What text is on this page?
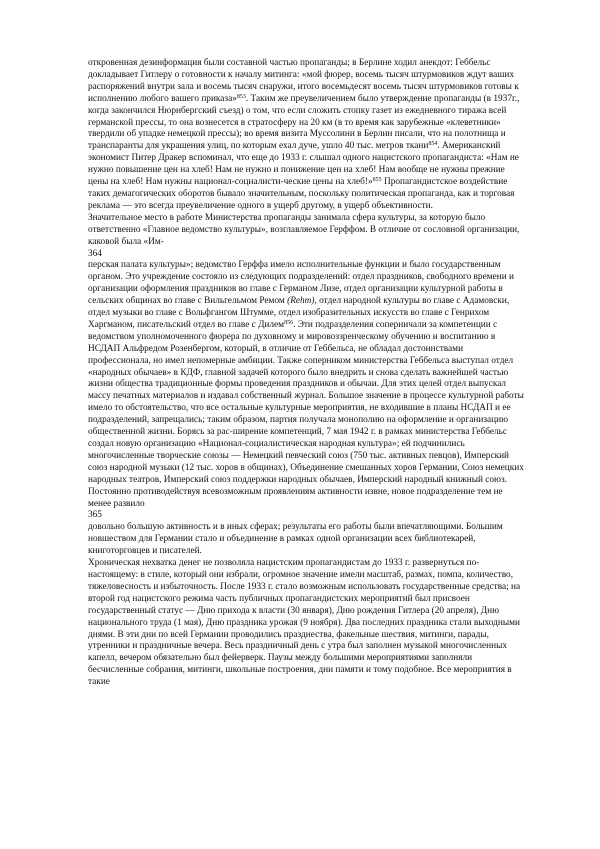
откровенная дезинформация были составной частью пропаганды; в Берлине ходил анекдот: Геббельс докладывает Гитлеру о готовности к началу митинга: «мой фюрер, восемь тысяч штурмовиков ждут ваших распоряжений внутри зала и восемь тысяч снаружи, итого восемьдесят восемь тысяч штурмовиков готовы к исполнению любого вашего приказа»$^{853}$. Таким же преувеличением было утверждение пропаганды (в 1937г., когда закончился Нюрнбергский съезд) о том, что если сложить стопку газет из ежедневного тиража всей германской прессы, то она вознесется в стратосферу на 20 км (в то время как зарубежные «клеветники» твердили об упадке немецкой прессы); во время визита Муссолини в Берлин писали, что на полотнища и транспаранты для украшения улиц, по которым ехал дуче, ушло 40 тыс. метров ткани$^{854}$. Американский экономист Питер Дракер вспоминал, что еще до 1933 г. слышал одного нацистского пропагандиста: «Нам не нужно повышение цен на хлеб! Нам не нужно и понижение цен на хлеб! Нам вообще не нужны прежние цены на хлеб! Нам нужны национал-социалисти-ческие цены на хлеб!»$^{855}$ Пропагандистское воздействие таких демагогических оборотов бывало значительным, поскольку политическая пропаганда, как и торговая реклама — это всегда преувеличение одного в ущерб другому, в ущерб объективности.

Значительное место в работе Министерства пропаганды занимала сфера культуры, за которую было ответственно «Главное ведомство культуры», возглавляемое Герффом. В отличие от сословной организации, каковой была «Им-

364

перская палата культуры»; ведомство Герффа имело исполнительные функции и было государственным органом. Это учреждение состояло из следующих подразделений: отдел праздников, свободного времени и организации оформления праздников во главе с Германом Лизе, отдел организации культурной работы в сельских общинах во главе с Вильгельмом Ремом (Rehm), отдел народной культуры во главе с Адамовски, отдел музыки во главе с Вольфгангом Штумме, отдел изобразительных искусств во главе с Генрихом Харгманом, писательский отдел во главе с Дилем$^{856}$. Эти подразделения соперничали за компетенции с ведомством уполномоченного фюрера по духовному и мировоззренческому обучению и воспитанию в НСДАП Альфредом Розенбергом, который, в отличие от Геббельса, не обладал достоинствами профессионала, но имел непомерные амбиции. Также соперником министерства Геббельса выступал отдел «народных обычаев» в КДФ, главной задачей которого было внедрить и снова сделать важнейшей частью жизни общества традиционные формы проведения праздников и обычаи. Для этих целей отдел выпускал массу печатных материалов и издавал собственный журнал. Большое значение в процессе культурной работы имело то обстоятельство, что все остальные культурные мероприятия, не входившие в планы НСДАП и ее подразделений, запрещались; таким образом, партия получала монополию на оформление и организацию общественной жизни. Борясь за рас-ширение компетенций, 7 мая 1942 г. в рамках министерства Геббельс создал новую организацию «Национал-социалистическая народная культура»; ей подчинились многочисленные творческие союзы — Немецкий певческий союз (750 тыс. активных певцов), Имперский союз народной музыки (12 тыс. хоров в общинах), Объединение смешанных хоров Германии, Союз немецких народных театров, Имперский союз поддержки народных обычаев, Имперский народный книжный союз. Постоянно противодействуя всевозможным проявлениям активности извне, новое подразделение тем не менее развило

365

довольно большую активность и в иных сферах; результаты его работы были впечатляющими. Большим новшеством для Германии стало и объединение в рамках одной организации всех библиотекарей, книготорговцев и писателей.

Хроническая нехватка денег не позволяла нацистским пропагандистам до 1933 г. развернуться по-настоящему: в стиле, который они избрали, огромное значение имели масштаб, размах, помпа, количество, тяжеловесность и избыточность. После 1933 г. стало возможным использовать государственные средства; на второй год нацистского режима часть публичных пропагандистских мероприятий был присвоен государственный статус — Дню прихода к власти (30 января), Дню рождения Гитлера (20 апреля), Дню национального труда (1 мая), Дню праздника урожая (9 ноября). Два последних праздника стали выходными днями. В эти дни по всей Германии проводились празднества, факельные шествия, митинги, парады, утренники и праздничные вечера. Весь праздничный день с утра был заполнен музыкой многочисленных капелл, вечером обязательно был фейерверк. Паузы между большими мероприятиями заполняли бесчисленные собрания, митинги, школьные построения, дни памяти и тому подобное. Все мероприятия в такие
